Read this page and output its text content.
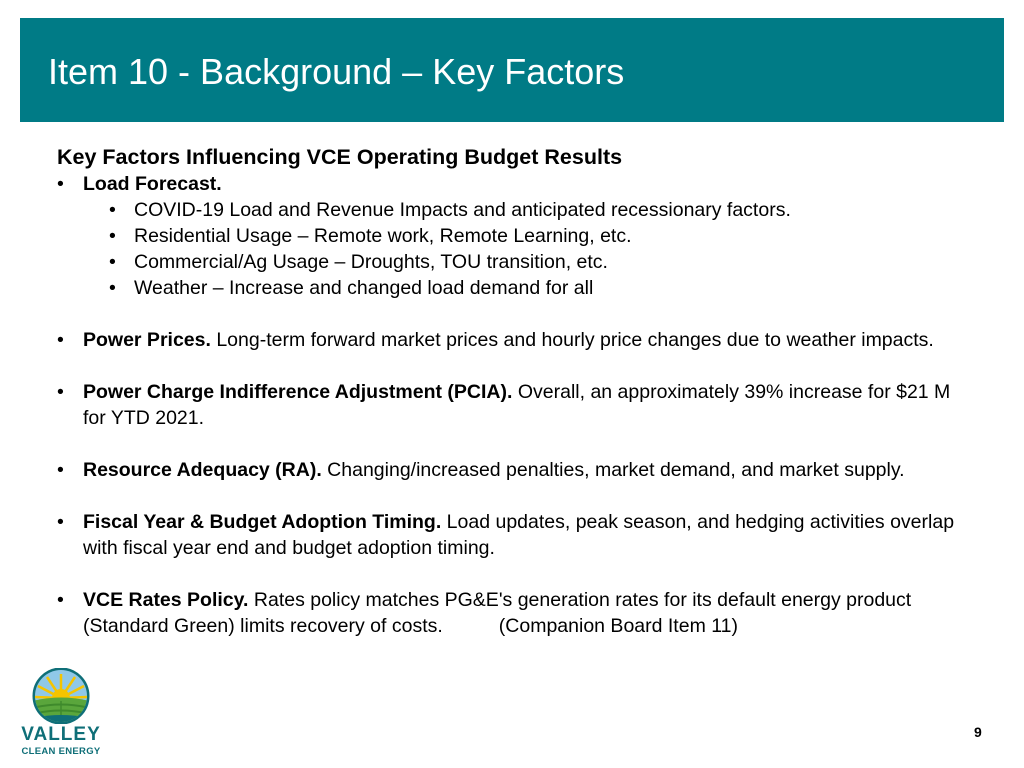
Item 10 - Background – Key Factors
Key Factors Influencing VCE Operating Budget Results
• Load Forecast.
• COVID-19 Load and Revenue Impacts and anticipated recessionary factors.
• Residential Usage – Remote work, Remote Learning, etc.
• Commercial/Ag Usage – Droughts, TOU transition, etc.
• Weather – Increase and changed load demand for all
• Power Prices. Long-term forward market prices and hourly price changes due to weather impacts.
• Power Charge Indifference Adjustment (PCIA). Overall, an approximately 39% increase for $21 M for YTD 2021.
• Resource Adequacy (RA). Changing/increased penalties, market demand, and market supply.
• Fiscal Year & Budget Adoption Timing. Load updates, peak season, and hedging activities overlap with fiscal year end and budget adoption timing.
• VCE Rates Policy. Rates policy matches PG&E's generation rates for its default energy product (Standard Green) limits recovery of costs.	(Companion Board Item 11)
VALLEY
CLEAN ENERGY
9
